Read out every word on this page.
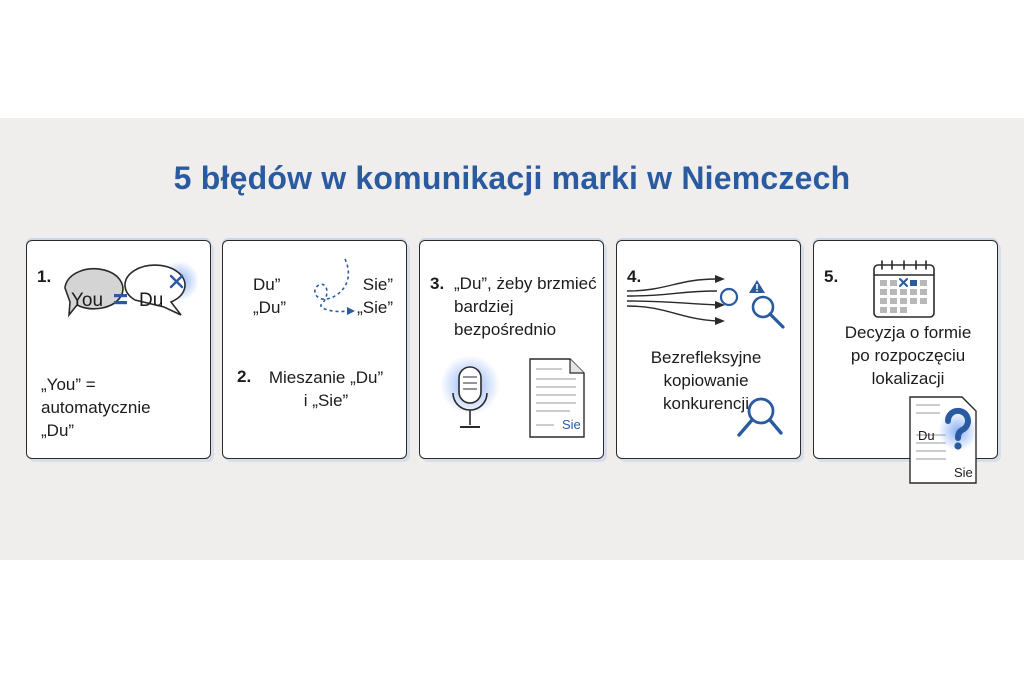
5 błędów w komunikacji marki w Niemczech
1.
You Du
„You” =
automatycznie
„Du”
Du”
„Du”
Sie”
„Sie”
2.	Mieszanie „Du”
i „Sie”
3. „Du”, żeby brzmieć
bardziej
bezpośrednio
Sie
4.
Bezrefleksyjne
kopiowanie
konkurencji
5.
Decyzja o formie
po rozpoczęciu
lokalizacji
Du
Sie
